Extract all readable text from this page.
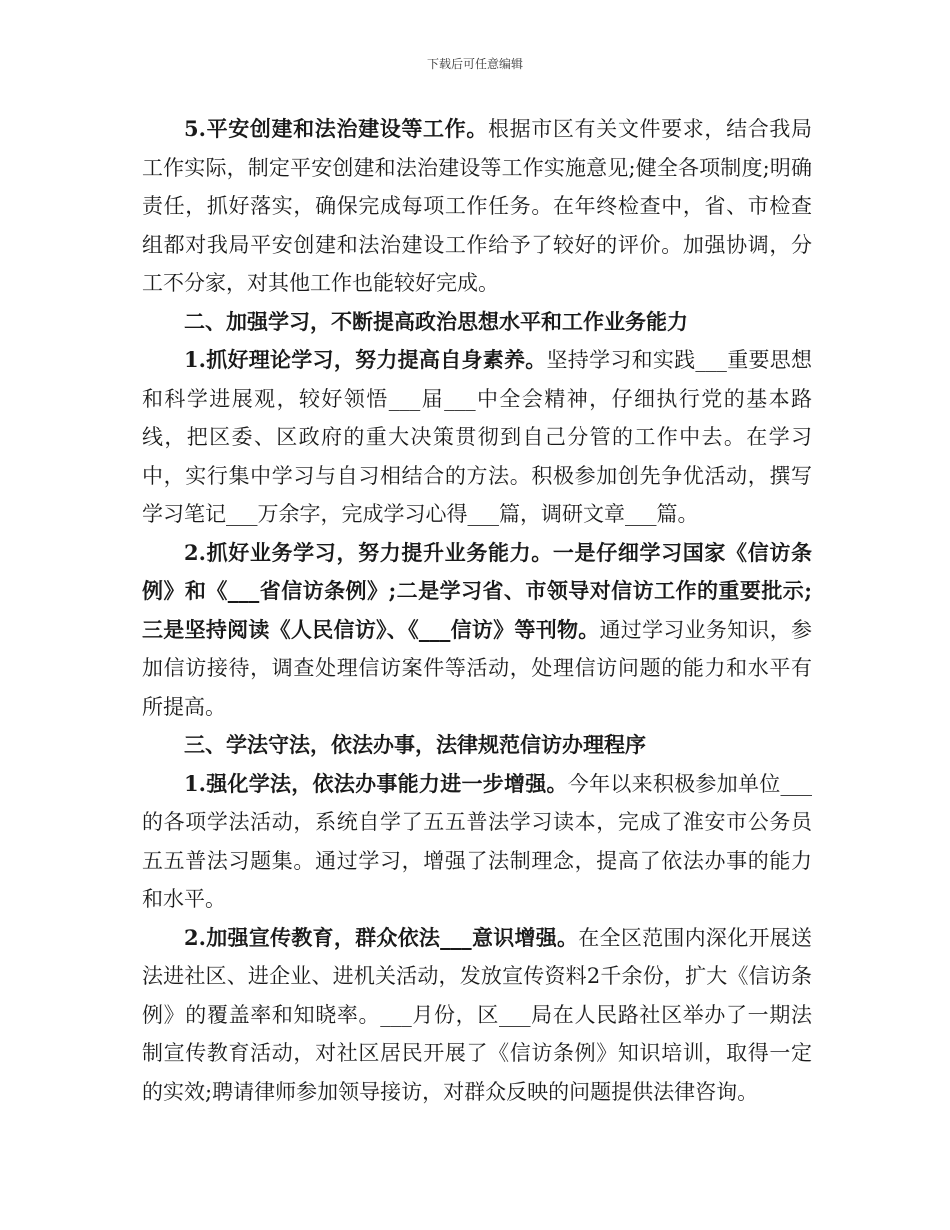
下载后可任意编辑

5.平安创建和法治建设等工作。根据市区有关文件要求，结合我局工作实际，制定平安创建和法治建设等工作实施意见;健全各项制度;明确责任，抓好落实，确保完成每项工作任务。在年终检查中，省、市检查组都对我局平安创建和法治建设工作给予了较好的评价。加强协调，分工不分家，对其他工作也能较好完成。

二、加强学习，不断提高政治思想水平和工作业务能力

1.抓好理论学习，努力提高自身素养。坚持学习和实践___重要思想和科学进展观，较好领悟___届___中全会精神，仔细执行党的基本路线，把区委、区政府的重大决策贯彻到自己分管的工作中去。在学习中，实行集中学习与自习相结合的方法。积极参加创先争优活动，撰写学习笔记___万余字，完成学习心得___篇，调研文章___篇。

2.抓好业务学习，努力提升业务能力。一是仔细学习国家《信访条例》和《___省信访条例》;二是学习省、市领导对信访工作的重要批示;三是坚持阅读《人民信访》、《___信访》等刊物。通过学习业务知识，参加信访接待，调查处理信访案件等活动，处理信访问题的能力和水平有所提高。

三、学法守法，依法办事，法律规范信访办理程序

1.强化学法，依法办事能力进一步增强。今年以来积极参加单位___的各项学法活动，系统自学了五五普法学习读本，完成了淮安市公务员五五普法习题集。通过学习，增强了法制理念，提高了依法办事的能力和水平。

2.加强宣传教育，群众依法___意识增强。在全区范围内深化开展送法进社区、进企业、进机关活动，发放宣传资料2千余份，扩大《信访条例》的覆盖率和知晓率。___月份，区___局在人民路社区举办了一期法制宣传教育活动，对社区居民开展了《信访条例》知识培训，取得一定的实效;聘请律师参加领导接访，对群众反映的问题提供法律咨询。
